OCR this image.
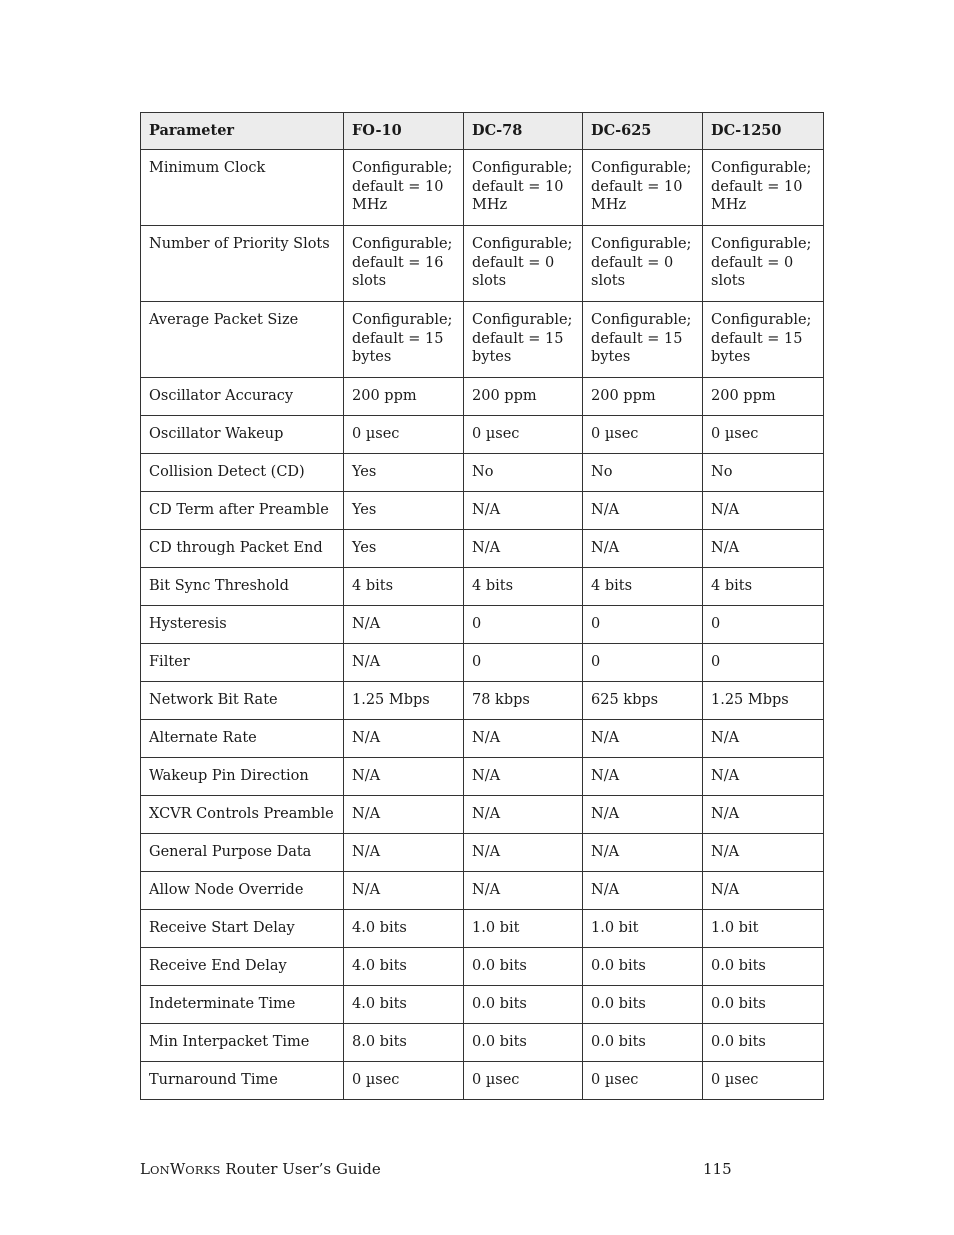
Parameter	FO-10	DC-78	DC-625	DC-1250
Minimum Clock	Configurable; default = 10 MHz	Configurable; default = 10 MHz	Configurable; default = 10 MHz	Configurable; default = 10 MHz
Number of Priority Slots	Configurable; default = 16 slots	Configurable; default = 0 slots	Configurable; default = 0 slots	Configurable; default = 0 slots
Average Packet Size	Configurable; default = 15 bytes	Configurable; default = 15 bytes	Configurable; default = 15 bytes	Configurable; default = 15 bytes
Oscillator Accuracy	200 ppm	200 ppm	200 ppm	200 ppm
Oscillator Wakeup	0 µsec	0 µsec	0 µsec	0 µsec
Collision Detect (CD)	Yes	No	No	No
CD Term after Preamble	Yes	N/A	N/A	N/A
CD through Packet End	Yes	N/A	N/A	N/A
Bit Sync Threshold	4 bits	4 bits	4 bits	4 bits
Hysteresis	N/A	0	0	0
Filter	N/A	0	0	0
Network Bit Rate	1.25 Mbps	78 kbps	625 kbps	1.25 Mbps
Alternate Rate	N/A	N/A	N/A	N/A
Wakeup Pin Direction	N/A	N/A	N/A	N/A
XCVR Controls Preamble	N/A	N/A	N/A	N/A
General Purpose Data	N/A	N/A	N/A	N/A
Allow Node Override	N/A	N/A	N/A	N/A
Receive Start Delay	4.0 bits	1.0 bit	1.0 bit	1.0 bit
Receive End Delay	4.0 bits	0.0 bits	0.0 bits	0.0 bits
Indeterminate Time	4.0 bits	0.0 bits	0.0 bits	0.0 bits
Min Interpacket Time	8.0 bits	0.0 bits	0.0 bits	0.0 bits
Turnaround Time	0 µsec	0 µsec	0 µsec	0 µsec
LONWORKS Router User’s Guide	115
